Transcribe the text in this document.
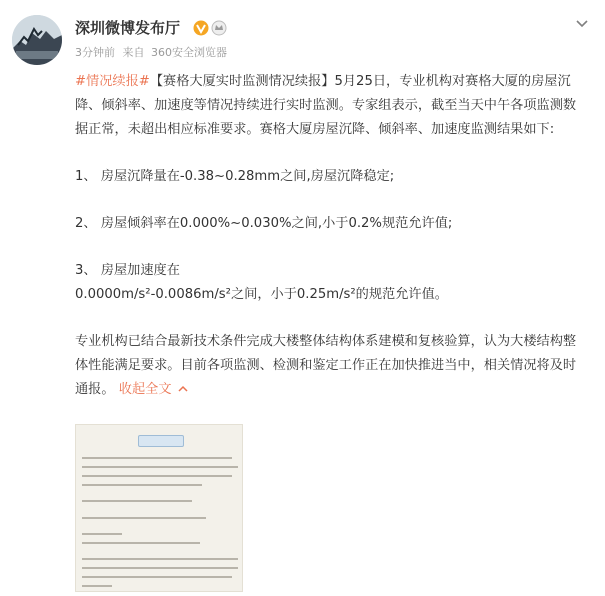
深圳微博发布厅
3分钟前 来自 360安全浏览器

#情况续报#【赛格大厦实时监测情况续报】5月25日，专业机构对赛格大厦的房屋沉降、倾斜率、加速度等情况持续进行实时监测。专家组表示，截至当天中午各项监测数据正常，未超出相应标准要求。赛格大厦房屋沉降、倾斜率、加速度监测结果如下:

1、 房屋沉降量在-0.38~0.28mm之间,房屋沉降稳定;

2、 房屋倾斜率在0.000%~0.030%之间,小于0.2%规范允许值;

3、 房屋加速度在
0.0000m/s²-0.0086m/s²之间，小于0.25m/s²的规范允许值。

专业机构已结合最新技术条件完成大楼整体结构体系建模和复核验算，认为大楼结构整体性能满足要求。目前各项监测、检测和鉴定工作正在加快推进当中，相关情况将及时通报。 收起全文
